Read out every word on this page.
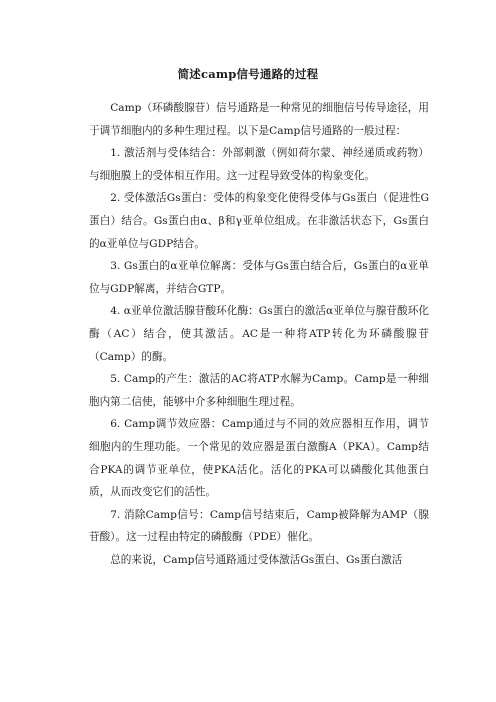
简述camp信号通路的过程

Camp（环磷酸腺苷）信号通路是一种常见的细胞信号传导途径，用于调节细胞内的多种生理过程。以下是Camp信号通路的一般过程：

1. 激活剂与受体结合：外部刺激（例如荷尔蒙、神经递质或药物）与细胞膜上的受体相互作用。这一过程导致受体的构象变化。

2. 受体激活Gs蛋白：受体的构象变化使得受体与Gs蛋白（促进性G蛋白）结合。Gs蛋白由α、β和γ亚单位组成。在非激活状态下，Gs蛋白的α亚单位与GDP结合。

3. Gs蛋白的α亚单位解离：受体与Gs蛋白结合后，Gs蛋白的α亚单位与GDP解离，并结合GTP。

4. α亚单位激活腺苷酸环化酶：Gs蛋白的激活α亚单位与腺苷酸环化酶（AC）结合，使其激活。AC是一种将ATP转化为环磷酸腺苷（Camp）的酶。

5. Camp的产生：激活的AC将ATP水解为Camp。Camp是一种细胞内第二信使，能够中介多种细胞生理过程。

6. Camp调节效应器：Camp通过与不同的效应器相互作用，调节细胞内的生理功能。一个常见的效应器是蛋白激酶A（PKA）。Camp结合PKA的调节亚单位，使PKA活化。活化的PKA可以磷酸化其他蛋白质，从而改变它们的活性。

7. 消除Camp信号：Camp信号结束后，Camp被降解为AMP（腺苷酸）。这一过程由特定的磷酸酶（PDE）催化。

总的来说，Camp信号通路通过受体激活Gs蛋白、Gs蛋白激活
